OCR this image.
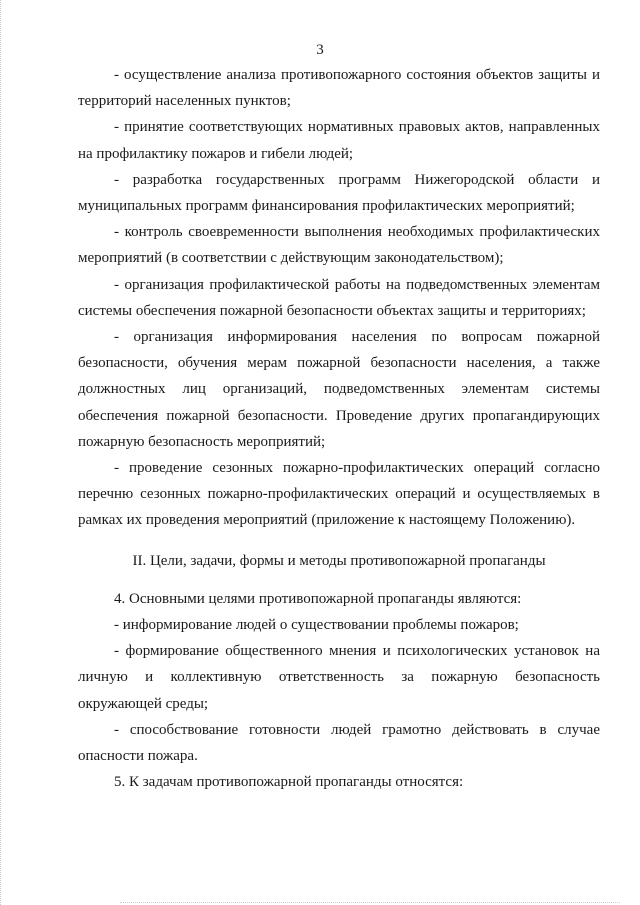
3

- осуществление анализа противопожарного состояния объектов защиты и территорий населенных пунктов;

- принятие соответствующих нормативных правовых актов, направленных на профилактику пожаров и гибели людей;

- разработка государственных программ Нижегородской области и муниципальных программ финансирования профилактических мероприятий;

- контроль своевременности выполнения необходимых профилактических мероприятий (в соответствии с действующим законодательством);

- организация профилактической работы на подведомственных элементам системы обеспечения пожарной безопасности объектах защиты и территориях;

- организация информирования населения по вопросам пожарной безопасности, обучения мерам пожарной безопасности населения, а также должностных лиц организаций, подведомственных элементам системы обеспечения пожарной безопасности. Проведение других пропагандирующих пожарную безопасность мероприятий;

- проведение сезонных пожарно-профилактических операций согласно перечню сезонных пожарно-профилактических операций и осуществляемых в рамках их проведения мероприятий (приложение к настоящему Положению).

II. Цели, задачи, формы и методы противопожарной пропаганды

4. Основными целями противопожарной пропаганды являются:

- информирование людей о существовании проблемы пожаров;

- формирование общественного мнения и психологических установок на личную и коллективную ответственность за пожарную безопасность окружающей среды;

- способствование готовности людей грамотно действовать в случае опасности пожара.

5. К задачам противопожарной пропаганды относятся:
